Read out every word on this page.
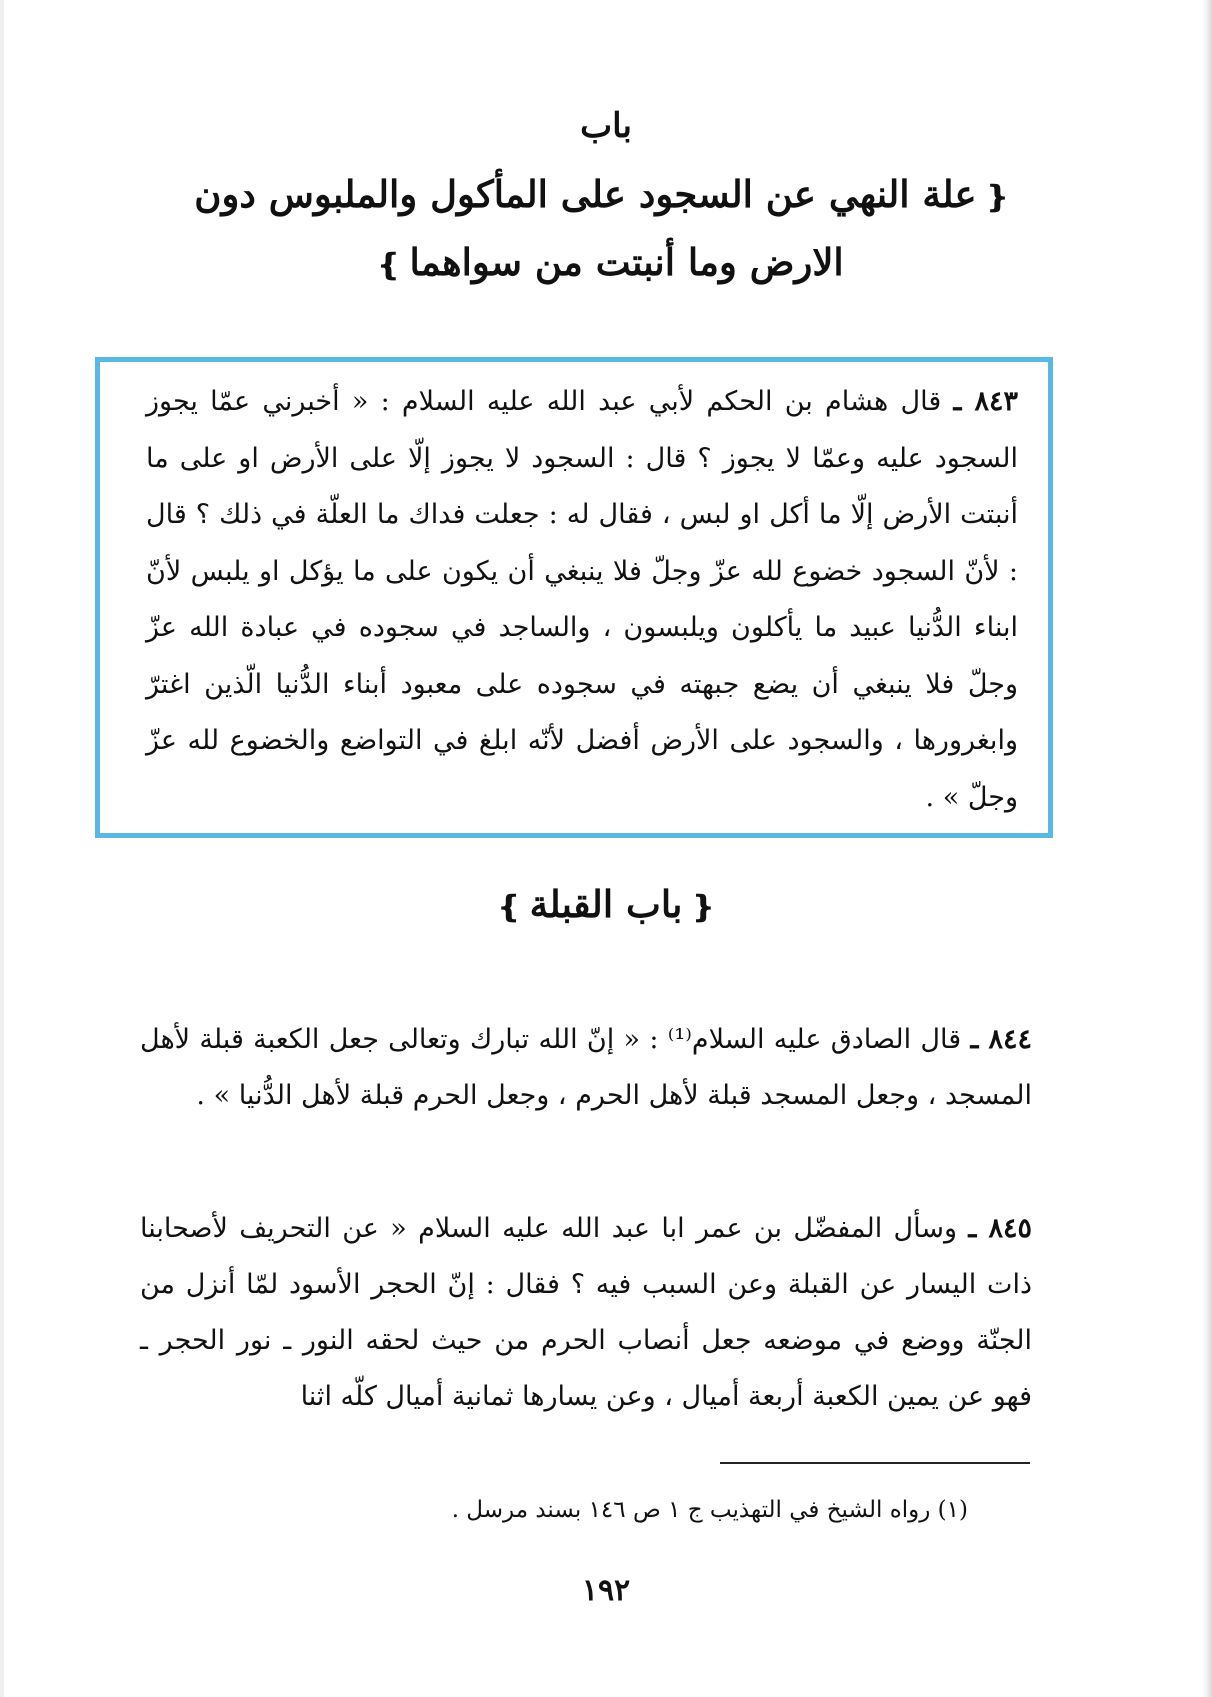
باب
❴علة النهي عن السجود على المأكول والملبوس دون
الارض وما أنبتت من سواهما❵
٨٤٣ ـ قال هشام بن الحكم لأبي عبد الله عليه السلام : « أخبرني عمّا يجوز السجود عليه وعمّا لا يجوز ؟ قال : السجود لا يجوز إلّا على الأرض او على ما أنبتت الأرض إلّا ما أكل او لبس ، فقال له : جعلت فداك ما العلّة في ذلك ؟ قال : لأنّ السجود خضوع لله عزّ وجلّ فلا ينبغي أن يكون على ما يؤكل او يلبس لأنّ ابناء الدُّنيا عبيد ما يأكلون ويلبسون ، والساجد في سجوده في عبادة الله عزّ وجلّ فلا ينبغي أن يضع جبهته في سجوده على معبود أبناء الدُّنيا الّذين اغترّ وابغرورها ، والسجود على الأرض أفضل لأنّه ابلغ في التواضع والخضوع لله عزّ وجلّ » .
❴باب القبلة❵
٨٤٤ ـ قال الصادق عليه السلام⁽¹⁾ : « إنّ الله تبارك وتعالى جعل الكعبة قبلة لأهل المسجد ، وجعل المسجد قبلة لأهل الحرم ، وجعل الحرم قبلة لأهل الدُّنيا » .
٨٤٥ ـ وسأل المفضّل بن عمر ابا عبد الله عليه السلام « عن التحريف لأصحابنا ذات اليسار عن القبلة وعن السبب فيه ؟ فقال : إنّ الحجر الأسود لمّا أنزل من الجنّة ووضع في موضعه جعل أنصاب الحرم من حيث لحقه النور ـ نور الحجر ـ فهو عن يمين الكعبة أربعة أميال ، وعن يسارها ثمانية أميال كلّه اثنا
(١) رواه الشيخ في التهذيب ج ١ ص ١٤٦ بسند مرسل .
١٩٢
